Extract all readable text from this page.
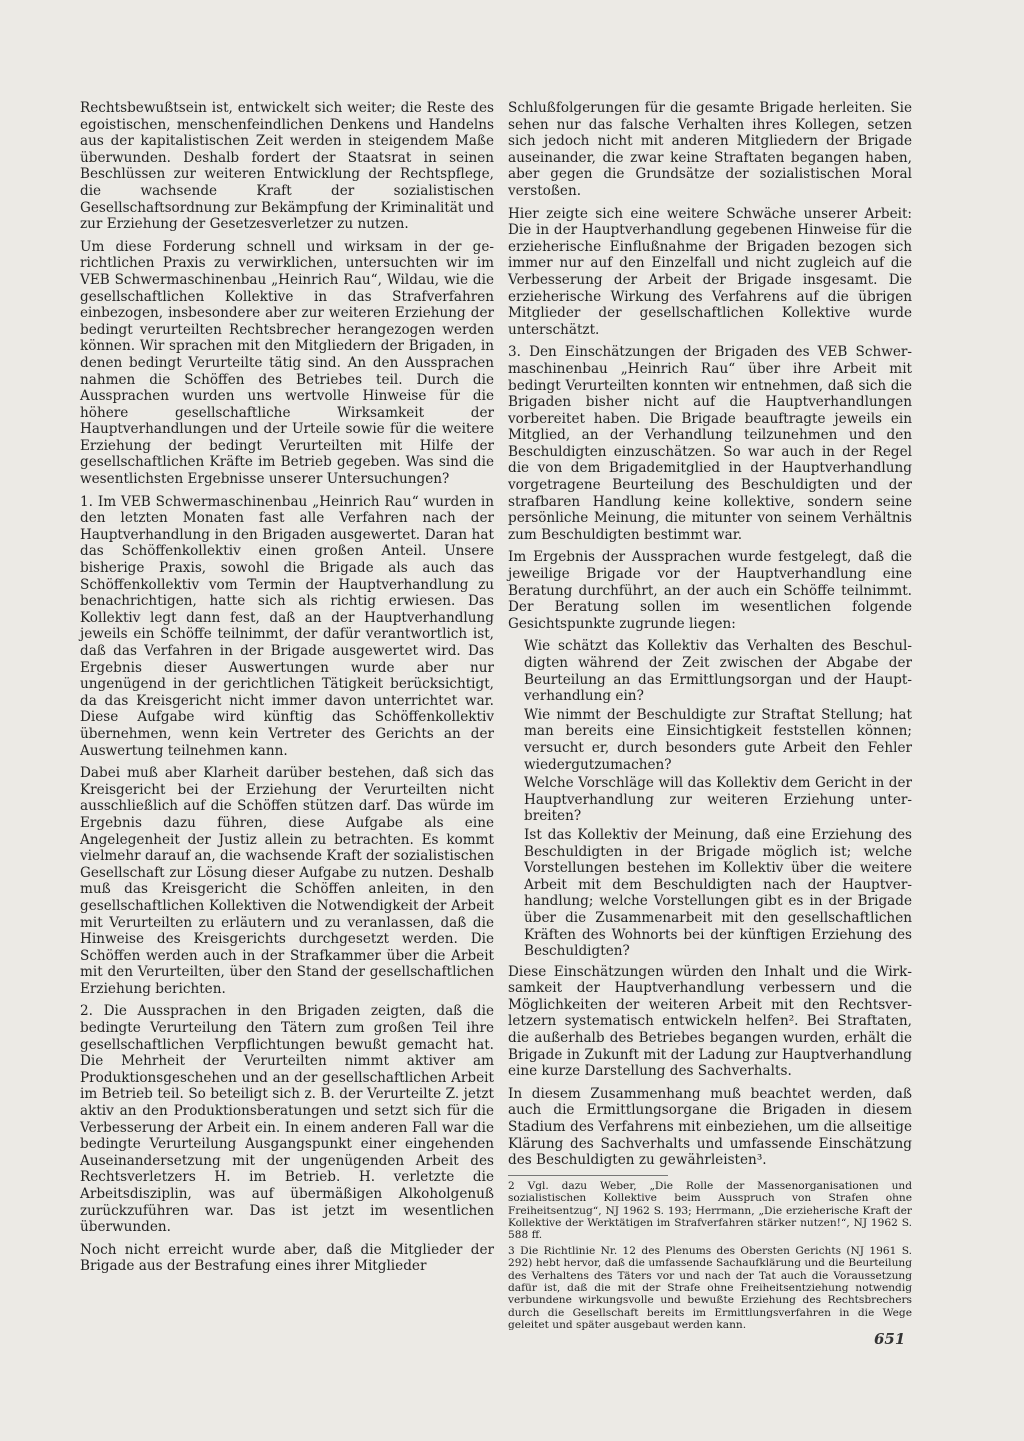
Rechtsbewußtsein ist, entwickelt sich weiter; die Reste des egoistischen, menschenfeindlichen Denkens und Handelns aus der kapitalistischen Zeit werden in steigendem Maße überwunden. Deshalb fordert der Staatsrat in seinen Beschlüssen zur weiteren Entwicklung der Rechtspflege, die wachsende Kraft der sozialistischen Gesellschaftsordnung zur Bekämpfung der Kriminalität und zur Erziehung der Gesetzesverletzer zu nutzen.

Um diese Forderung schnell und wirksam in der gerichtlichen Praxis zu verwirklichen, untersuchten wir im VEB Schwermaschinenbau „Heinrich Rau“, Wildau, wie die gesellschaftlichen Kollektive in das Strafverfahren einbezogen, insbesondere aber zur weiteren Erziehung der bedingt verurteilten Rechtsbrecher herangezogen werden können. Wir sprachen mit den Mitgliedern der Brigaden, in denen bedingt Verurteilte tätig sind. An den Aussprachen nahmen die Schöffen des Betriebes teil. Durch die Aussprachen wurden uns wertvolle Hinweise für die höhere gesellschaftliche Wirksamkeit der Hauptverhandlungen und der Urteile sowie für die weitere Erziehung der bedingt Verurteilten mit Hilfe der gesellschaftlichen Kräfte im Betrieb gegeben. Was sind die wesentlichsten Ergebnisse unserer Untersuchungen?

1. Im VEB Schwermaschinenbau „Heinrich Rau“ wurden in den letzten Monaten fast alle Verfahren nach der Hauptverhandlung in den Brigaden ausgewertet. Daran hat das Schöffenkollektiv einen großen Anteil. Unsere bisherige Praxis, sowohl die Brigade als auch das Schöffenkollektiv vom Termin der Hauptverhandlung zu benachrichtigen, hatte sich als richtig erwiesen. Das Kollektiv legt dann fest, daß an der Hauptverhandlung jeweils ein Schöffe teilnimmt, der dafür verantwortlich ist, daß das Verfahren in der Brigade ausgewertet wird. Das Ergebnis dieser Auswertungen wurde aber nur ungenügend in der gerichtlichen Tätigkeit berücksichtigt, da das Kreisgericht nicht immer davon unterrichtet war. Diese Aufgabe wird künftig das Schöffenkollektiv übernehmen, wenn kein Vertreter des Gerichts an der Auswertung teilnehmen kann.

Dabei muß aber Klarheit darüber bestehen, daß sich das Kreisgericht bei der Erziehung der Verurteilten nicht ausschließlich auf die Schöffen stützen darf. Das würde im Ergebnis dazu führen, diese Aufgabe als eine Angelegenheit der Justiz allein zu betrachten. Es kommt vielmehr darauf an, die wachsende Kraft der sozialistischen Gesellschaft zur Lösung dieser Aufgabe zu nutzen. Deshalb muß das Kreisgericht die Schöffen anleiten, in den gesellschaftlichen Kollektiven die Notwendigkeit der Arbeit mit Verurteilten zu erläutern und zu veranlassen, daß die Hinweise des Kreisgerichts durchgesetzt werden. Die Schöffen werden auch in der Strafkammer über die Arbeit mit den Verurteilten, über den Stand der gesellschaftlichen Erziehung berichten.

2. Die Aussprachen in den Brigaden zeigten, daß die bedingte Verurteilung den Tätern zum großen Teil ihre gesellschaftlichen Verpflichtungen bewußt gemacht hat. Die Mehrheit der Verurteilten nimmt aktiver am Produktionsgeschehen und an der gesellschaftlichen Arbeit im Betrieb teil. So beteiligt sich z. B. der Verurteilte Z. jetzt aktiv an den Produktionsberatungen und setzt sich für die Verbesserung der Arbeit ein. In einem anderen Fall war die bedingte Verurteilung Ausgangspunkt einer eingehenden Auseinandersetzung mit der ungenügenden Arbeit des Rechtsverletzers H. im Betrieb. H. verletzte die Arbeitsdisziplin, was auf übermäßigen Alkoholgenuß zurückzuführen war. Das ist jetzt im wesentlichen überwunden.

Noch nicht erreicht wurde aber, daß die Mitglieder der Brigade aus der Bestrafung eines ihrer Mitglieder

Schlußfolgerungen für die gesamte Brigade herleiten. Sie sehen nur das falsche Verhalten ihres Kollegen, setzen sich jedoch nicht mit anderen Mitgliedern der Brigade auseinander, die zwar keine Straftaten begangen haben, aber gegen die Grundsätze der sozialistischen Moral verstoßen.

Hier zeigte sich eine weitere Schwäche unserer Arbeit: Die in der Hauptverhandlung gegebenen Hinweise für die erzieherische Einflußnahme der Brigaden bezogen sich immer nur auf den Einzelfall und nicht zugleich auf die Verbesserung der Arbeit der Brigade insgesamt. Die erzieherische Wirkung des Verfahrens auf die übrigen Mitglieder der gesellschaftlichen Kollektive wurde unterschätzt.

3. Den Einschätzungen der Brigaden des VEB Schwermaschinenbau „Heinrich Rau“ über ihre Arbeit mit bedingt Verurteilten konnten wir entnehmen, daß sich die Brigaden bisher nicht auf die Hauptverhandlungen vorbereitet haben. Die Brigade beauftragte jeweils ein Mitglied, an der Verhandlung teilzunehmen und den Beschuldigten einzuschätzen. So war auch in der Regel die von dem Brigademitglied in der Hauptverhandlung vorgetragene Beurteilung des Beschuldigten und der strafbaren Handlung keine kollektive, sondern seine persönliche Meinung, die mitunter von seinem Verhältnis zum Beschuldigten bestimmt war.

Im Ergebnis der Aussprachen wurde festgelegt, daß die jeweilige Brigade vor der Hauptverhandlung eine Beratung durchführt, an der auch ein Schöffe teilnimmt. Der Beratung sollen im wesentlichen folgende Gesichtspunkte zugrunde liegen:

Wie schätzt das Kollektiv das Verhalten des Beschuldigten während der Zeit zwischen der Abgabe der Beurteilung an das Ermittlungsorgan und der Hauptverhandlung ein?

Wie nimmt der Beschuldigte zur Straftat Stellung; hat man bereits eine Einsichtigkeit feststellen können; versucht er, durch besonders gute Arbeit den Fehler wiedergutzumachen?

Welche Vorschläge will das Kollektiv dem Gericht in der Hauptverhandlung zur weiteren Erziehung unterbreiten?

Ist das Kollektiv der Meinung, daß eine Erziehung des Beschuldigten in der Brigade möglich ist; welche Vorstellungen bestehen im Kollektiv über die weitere Arbeit mit dem Beschuldigten nach der Hauptverhandlung; welche Vorstellungen gibt es in der Brigade über die Zusammenarbeit mit den gesellschaftlichen Kräften des Wohnorts bei der künftigen Erziehung des Beschuldigten?

Diese Einschätzungen würden den Inhalt und die Wirksamkeit der Hauptverhandlung verbessern und die Möglichkeiten der weiteren Arbeit mit den Rechtsverletzern systematisch entwickeln helfen². Bei Straftaten, die außerhalb des Betriebes begangen wurden, erhält die Brigade in Zukunft mit der Ladung zur Hauptverhandlung eine kurze Darstellung des Sachverhalts.

In diesem Zusammenhang muß beachtet werden, daß auch die Ermittlungsorgane die Brigaden in diesem Stadium des Verfahrens mit einbeziehen, um die allseitige Klärung des Sachverhalts und umfassende Einschätzung des Beschuldigten zu gewährleisten³.

2 Vgl. dazu Weber, „Die Rolle der Massenorganisationen und sozialistischen Kollektive beim Ausspruch von Strafen ohne Freiheitsentzug“, NJ 1962 S. 193; Herrmann, „Die erzieherische Kraft der Kollektive der Werktätigen im Strafverfahren stärker nutzen!“, NJ 1962 S. 588 ff.

3 Die Richtlinie Nr. 12 des Plenums des Obersten Gerichts (NJ 1961 S. 292) hebt hervor, daß die umfassende Sachaufklärung und die Beurteilung des Verhaltens des Täters vor und nach der Tat auch die Voraussetzung dafür ist, daß die mit der Strafe ohne Freiheitsentziehung notwendig verbundene wirkungsvolle und bewußte Erziehung des Rechtsbrechers durch die Gesellschaft bereits im Ermittlungsverfahren in die Wege geleitet und später ausgebaut werden kann.

651
